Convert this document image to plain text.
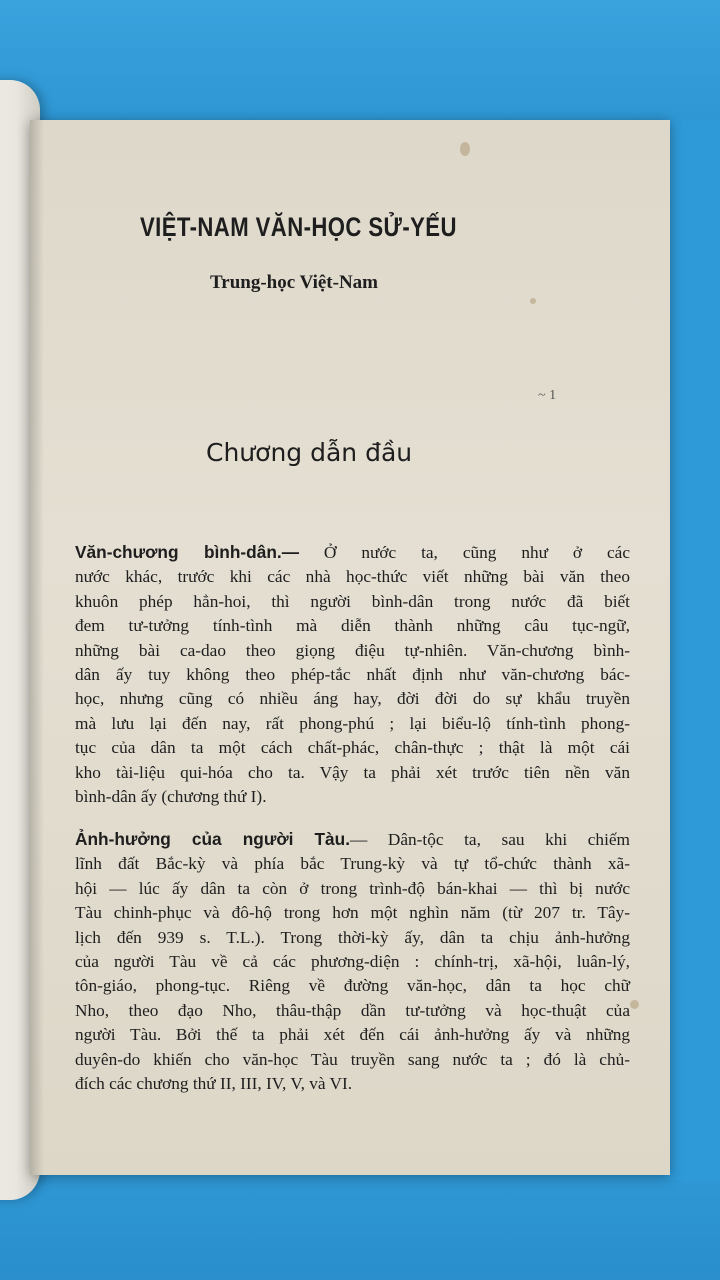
VIỆT-NAM VĂN-HỌC SỬ-YẾU
Trung-học Việt-Nam
~ 1
Chương dẫn đầu
Văn-chương bình-dân.— Ở nước ta, cũng như ở các
nước khác, trước khi các nhà học-thức viết những bài văn theo
khuôn phép hẳn-hoi, thì người bình-dân trong nước đã biết
đem tư-tưởng tính-tình mà diễn thành những câu tục-ngữ,
những bài ca-dao theo giọng điệu tự-nhiên. Văn-chương bình-
dân ấy tuy không theo phép-tắc nhất định như văn-chương bác-
học, nhưng cũng có nhiều áng hay, đời đời do sự khẩu truyền
mà lưu lại đến nay, rất phong-phú ; lại biểu-lộ tính-tình phong-
tục của dân ta một cách chất-phác, chân-thực ; thật là một cái
kho tài-liệu qui-hóa cho ta. Vậy ta phải xét trước tiên nền văn
bình-dân ấy (chương thứ I).
Ảnh-hưởng của người Tàu.— Dân-tộc ta, sau khi chiếm
lĩnh đất Bắc-kỳ và phía bắc Trung-kỳ và tự tổ-chức thành xã-
hội — lúc ấy dân ta còn ở trong trình-độ bán-khai — thì bị nước
Tàu chinh-phục và đô-hộ trong hơn một nghìn năm (từ 207 tr. Tây-
lịch đến 939 s. T.L.). Trong thời-kỳ ấy, dân ta chịu ảnh-hưởng
của người Tàu về cả các phương-diện : chính-trị, xã-hội, luân-lý,
tôn-giáo, phong-tục. Riêng về đường văn-học, dân ta học chữ
Nho, theo đạo Nho, thâu-thập dần tư-tưởng và học-thuật của
người Tàu. Bởi thế ta phải xét đến cái ảnh-hưởng ấy và những
duyên-do khiến cho văn-học Tàu truyền sang nước ta ; đó là chủ-
đích các chương thứ II, III, IV, V, và VI.
